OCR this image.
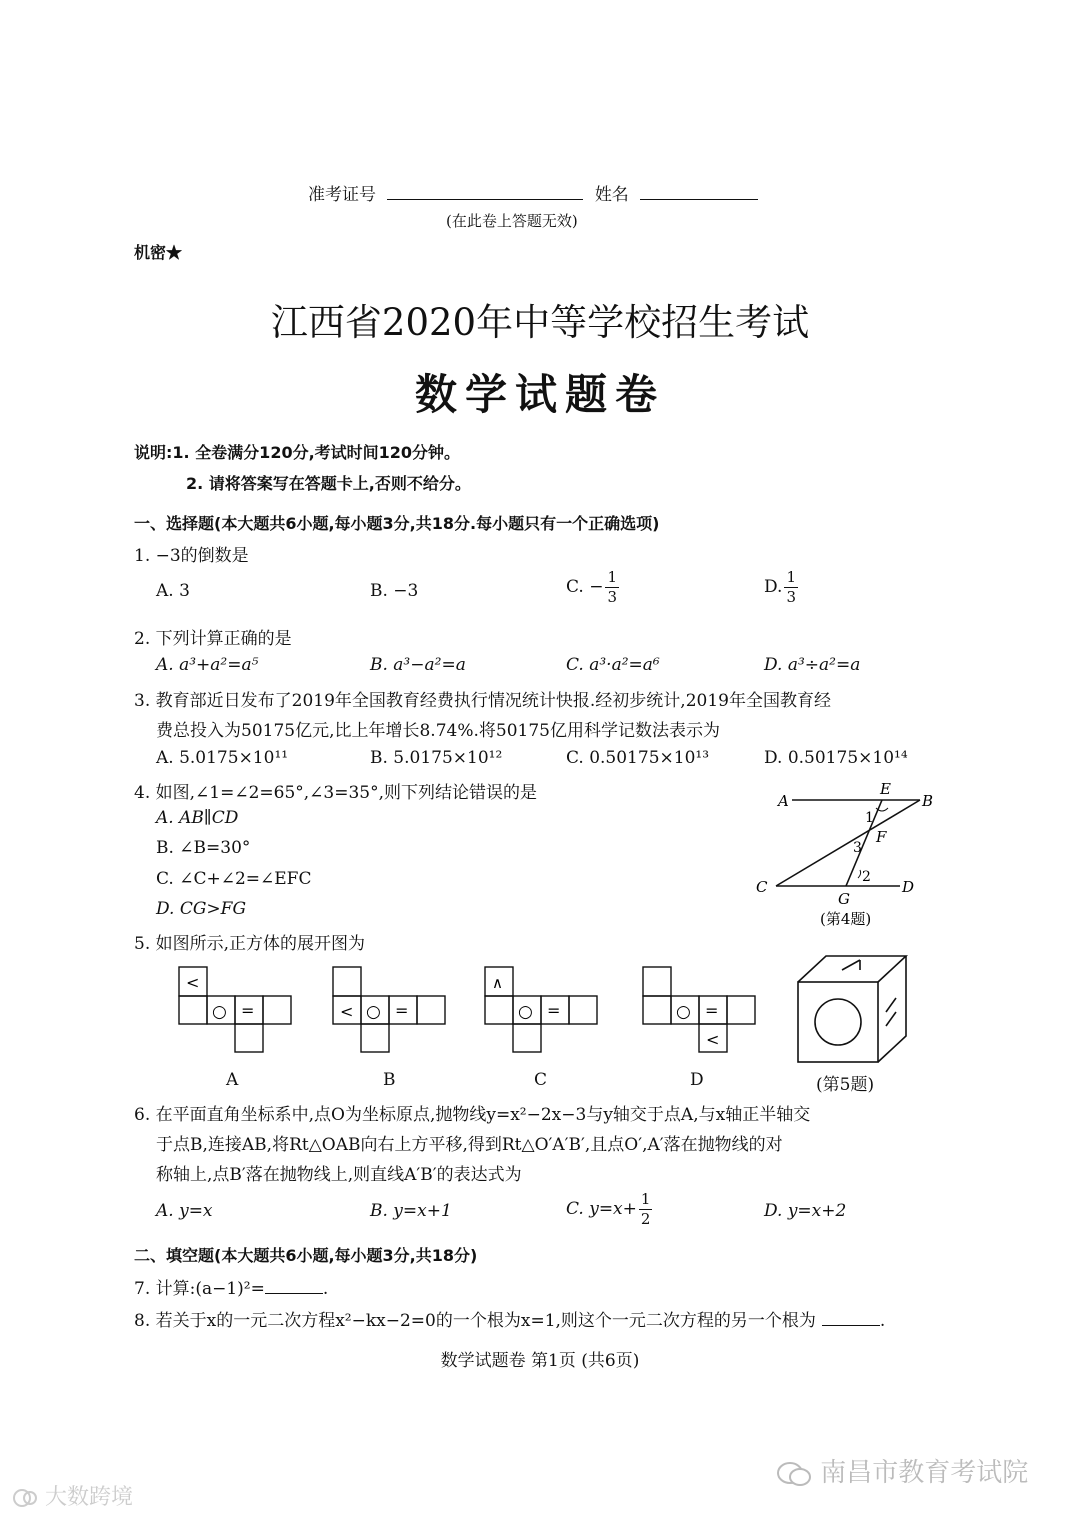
准考证号	姓名
(在此卷上答题无效)
机密★
江西省2020年中等学校招生考试
数学试题卷
说明:1. 全卷满分120分,考试时间120分钟。
2. 请将答案写在答题卡上,否则不给分。
一、选择题(本大题共6小题,每小题3分,共18分.每小题只有一个正确选项)
1. −3的倒数是
A. 3	B. −3	C. − $\frac{1}{3}$	D. $\frac{1}{3}$
2. 下列计算正确的是
A. a³+a²=a⁵	B. a³−a²=a	C. a³·a²=a⁶	D. a³÷a²=a
3. 教育部近日发布了2019年全国教育经费执行情况统计快报.经初步统计,2019年全国教育经
费总投入为50175亿元,比上年增长8.74%.将50175亿用科学记数法表示为
A. 5.0175×10¹¹	B. 5.0175×10¹²	C. 0.50175×10¹³	D. 0.50175×10¹⁴
4. 如图,∠1=∠2=65°,∠3=35°,则下列结论错误的是
A. AB∥CD
B. ∠B=30°
C. ∠C+∠2=∠EFC
D. CG>FG
A	B
C	D
E
F
G
1
2
3
(第4题)
5. 如图所示,正方体的展开图为
<
○ =
A
< ○ =
B
∧
○ =
C
○ =
<
D	(第5题)
6. 在平面直角坐标系中,点O为坐标原点,抛物线y=x²−2x−3与y轴交于点A,与x轴正半轴交
于点B,连接AB,将Rt△OAB向右上方平移,得到Rt△O′A′B′,且点O′,A′落在抛物线的对
称轴上,点B′落在抛物线上,则直线A′B′的表达式为
A. y=x	B. y=x+1	C. $y=x+ \frac{1}{2}$	D. y=x+2
二、填空题(本大题共6小题,每小题3分,共18分)
7. 计算:(a−1)²=	.
8. 若关于x的一元二次方程x²−kx−2=0的一个根为x=1,则这个一元二次方程的另一个根为	.
数学试题卷 第1页 (共6页)
南昌市教育考试院
大数跨境
